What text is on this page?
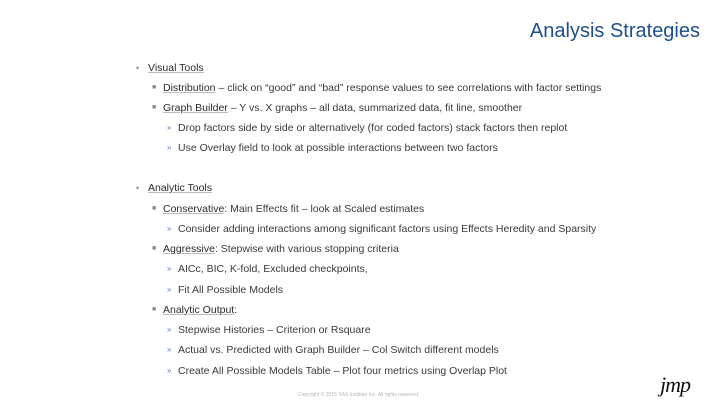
Analysis Strategies
• Visual Tools
■ Distribution – click on “good” and “bad” response values to see correlations with factor settings
■ Graph Builder – Y vs. X graphs – all data, summarized data, fit line, smoother
» Drop factors side by side or alternatively (for coded factors) stack factors then replot
» Use Overlay field to look at possible interactions between two factors
• Analytic Tools
■ Conservative: Main Effects fit – look at Scaled estimates
» Consider adding interactions among significant factors using Effects Heredity and Sparsity
■ Aggressive: Stepwise with various stopping criteria
» AICc, BIC, K-fold, Excluded checkpoints,
» Fit All Possible Models
■ Analytic Output:
» Stepwise Histories – Criterion or Rsquare
» Actual vs. Predicted with Graph Builder – Col Switch different models
» Create All Possible Models Table – Plot four metrics using Overlap Plot
Copyright © 2015 SAS Institute Inc. All rights reserved.	jmp
